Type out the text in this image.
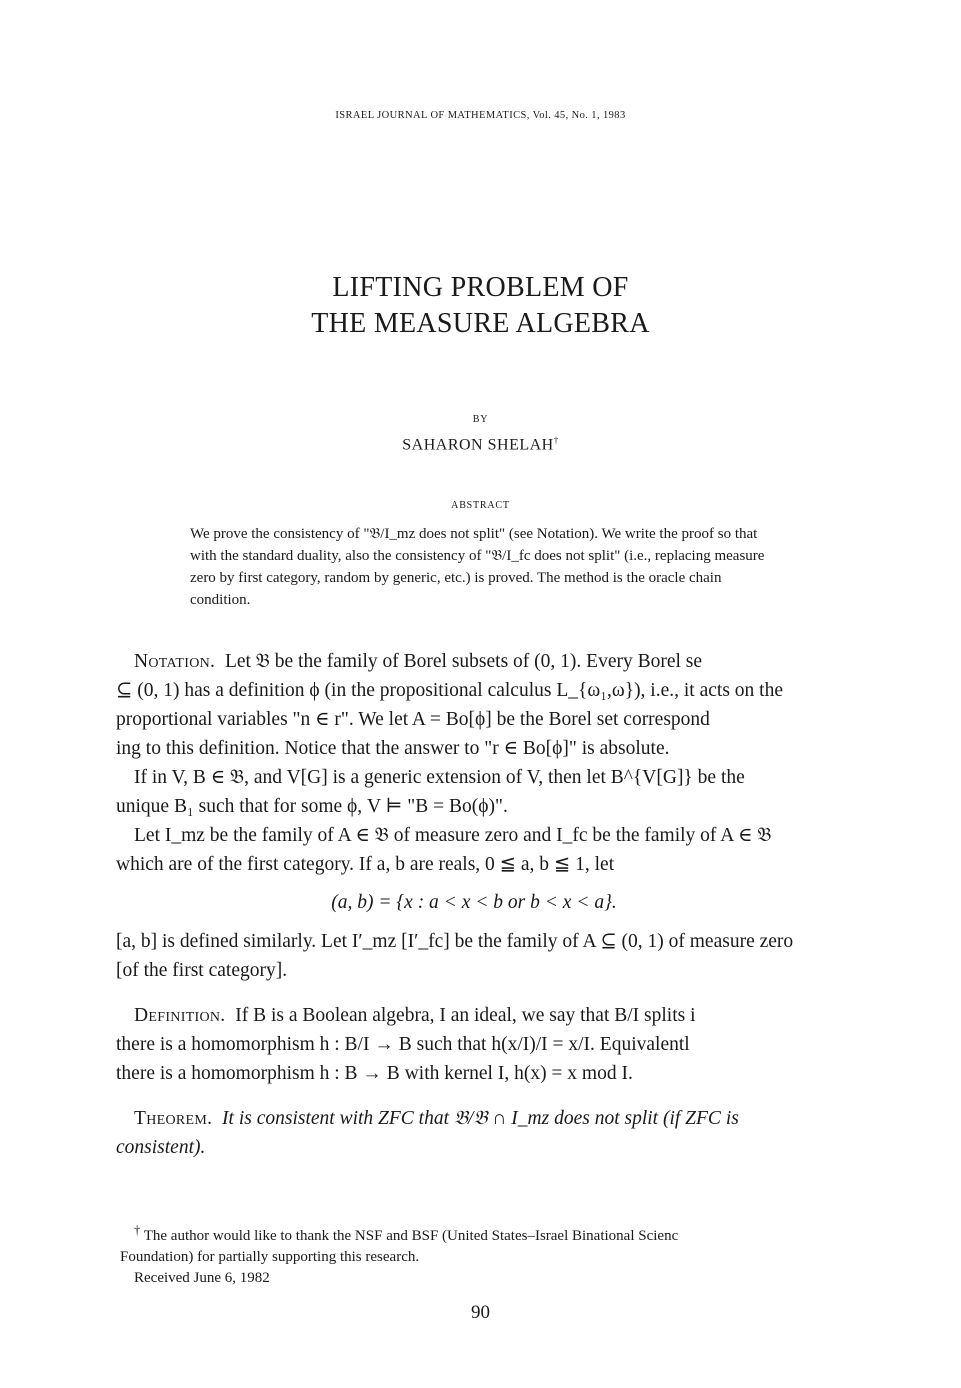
ISRAEL JOURNAL OF MATHEMATICS, Vol. 45, No. 1, 1983
LIFTING PROBLEM OF
THE MEASURE ALGEBRA
BY
SAHARON SHELAH†
ABSTRACT

We prove the consistency of "𝔅/I_mz does not split" (see Notation). We write the proof so that with the standard duality, also the consistency of "𝔅/I_fc does not split" (i.e., replacing measure zero by first category, random by generic, etc.) is proved. The method is the oracle chain condition.

Notation. Let 𝔅 be the family of Borel subsets of (0, 1). Every Borel se

⊆ (0, 1) has a definition ϕ (in the propositional calculus L_{ω₁,ω}), i.e., it acts on the

proportional variables "n ∈ r". We let A = Bo[ϕ] be the Borel set correspond

ing to this definition. Notice that the answer to "r ∈ Bo[ϕ]" is absolute.

If in V, B ∈ 𝔅, and V[G] is a generic extension of V, then let B^{V[G]} be the

unique B₁ such that for some ϕ, V ⊨ "B = Bo(ϕ)".

Let I_mz be the family of A ∈ 𝔅 of measure zero and I_fc be the family of A ∈ 𝔅

which are of the first category. If a, b are reals, 0 ≦ a, b ≦ 1, let

(a, b) = {x : a < x < b or b < x < a}.

[a, b] is defined similarly. Let I′_mz [I′_fc] be the family of A ⊆ (0, 1) of measure zero

[of the first category].

Definition. If B is a Boolean algebra, I an ideal, we say that B/I splits i

there is a homomorphism h : B/I → B such that h(x/I)/I = x/I. Equivalentl

there is a homomorphism h : B → B with kernel I, h(x) = x mod I.

Theorem. It is consistent with ZFC that 𝔅/𝔅 ∩ I_mz does not split (if ZFC is

consistent).

† The author would like to thank the NSF and BSF (United States–Israel Binational Scienc

Foundation) for partially supporting this research.

Received June 6, 1982

90
